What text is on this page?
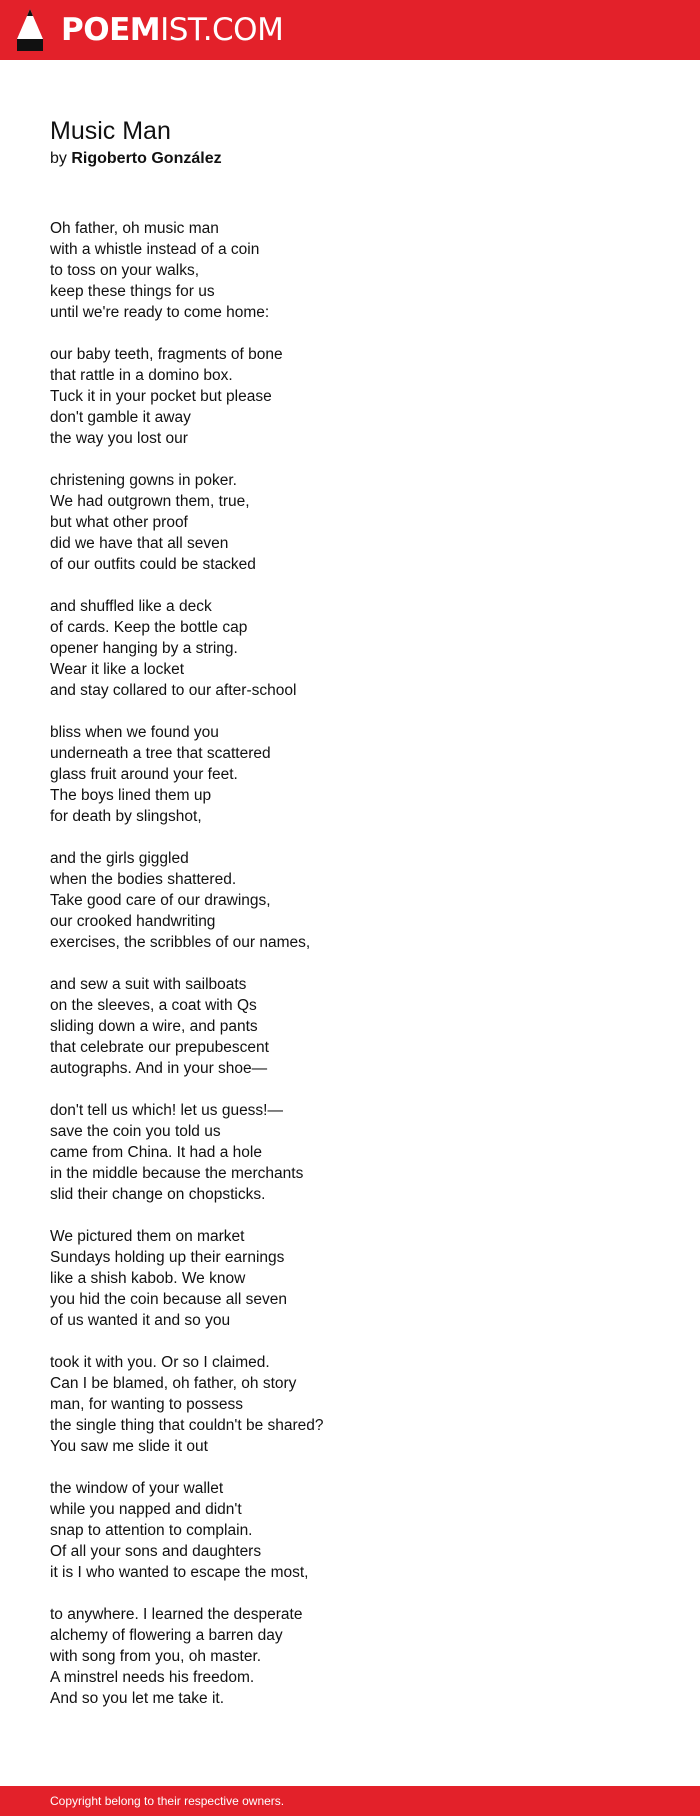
POEMIST.COM
Music Man
by Rigoberto González
Oh father, oh music man
with a whistle instead of a coin
to toss on your walks,
keep these things for us
until we're ready to come home:
our baby teeth, fragments of bone
that rattle in a domino box.
Tuck it in your pocket but please
don't gamble it away
the way you lost our
christening gowns in poker.
We had outgrown them, true,
but what other proof
did we have that all seven
of our outfits could be stacked
and shuffled like a deck
of cards. Keep the bottle cap
opener hanging by a string.
Wear it like a locket
and stay collared to our after-school
bliss when we found you
underneath a tree that scattered
glass fruit around your feet.
The boys lined them up
for death by slingshot,
and the girls giggled
when the bodies shattered.
Take good care of our drawings,
our crooked handwriting
exercises, the scribbles of our names,
and sew a suit with sailboats
on the sleeves, a coat with Qs
sliding down a wire, and pants
that celebrate our prepubescent
autographs. And in your shoe—
don't tell us which! let us guess!—
save the coin you told us
came from China. It had a hole
in the middle because the merchants
slid their change on chopsticks.
We pictured them on market
Sundays holding up their earnings
like a shish kabob. We know
you hid the coin because all seven
of us wanted it and so you
took it with you. Or so I claimed.
Can I be blamed, oh father, oh story
man, for wanting to possess
the single thing that couldn't be shared?
You saw me slide it out
the window of your wallet
while you napped and didn't
snap to attention to complain.
Of all your sons and daughters
it is I who wanted to escape the most,
to anywhere. I learned the desperate
alchemy of flowering a barren day
with song from you, oh master.
A minstrel needs his freedom.
And so you let me take it.
Copyright belong to their respective owners.
